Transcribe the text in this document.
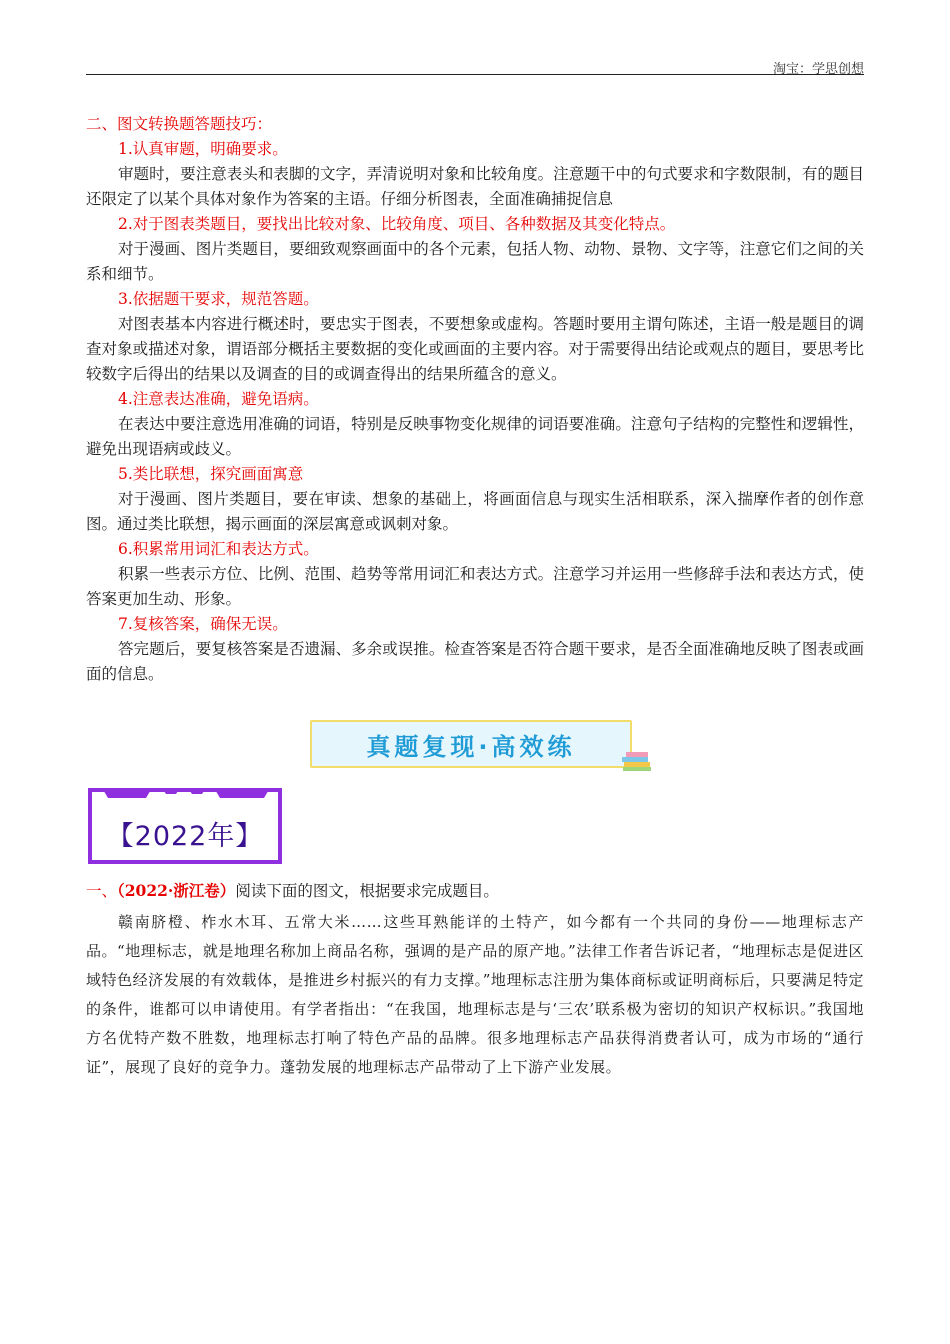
淘宝：学思创想

二、图文转换题答题技巧：

1.认真审题，明确要求。

审题时，要注意表头和表脚的文字，弄清说明对象和比较角度。注意题干中的句式要求和字数限制，有的题目还限定了以某个具体对象作为答案的主语。仔细分析图表，全面准确捕捉信息

2.对于图表类题目，要找出比较对象、比较角度、项目、各种数据及其变化特点。

对于漫画、图片类题目，要细致观察画面中的各个元素，包括人物、动物、景物、文字等，注意它们之间的关系和细节。

3.依据题干要求，规范答题。

对图表基本内容进行概述时，要忠实于图表，不要想象或虚构。答题时要用主谓句陈述，主语一般是题目的调查对象或描述对象，谓语部分概括主要数据的变化或画面的主要内容。对于需要得出结论或观点的题目，要思考比较数字后得出的结果以及调查的目的或调查得出的结果所蕴含的意义。

4.注意表达准确，避免语病。

在表达中要注意选用准确的词语，特别是反映事物变化规律的词语要准确。注意句子结构的完整性和逻辑性，避免出现语病或歧义。

5.类比联想，探究画面寓意

对于漫画、图片类题目，要在审读、想象的基础上，将画面信息与现实生活相联系，深入揣摩作者的创作意图。通过类比联想，揭示画面的深层寓意或讽刺对象。

6.积累常用词汇和表达方式。

积累一些表示方位、比例、范围、趋势等常用词汇和表达方式。注意学习并运用一些修辞手法和表达方式，使答案更加生动、形象。

7.复核答案，确保无误。

答完题后，要复核答案是否遗漏、多余或误推。检查答案是否符合题干要求，是否全面准确地反映了图表或画面的信息。

真题复现·高效练
【2022年】

一、（2022·浙江卷）阅读下面的图文，根据要求完成题目。

赣南脐橙、柞水木耳、五常大米……这些耳熟能详的土特产，如今都有一个共同的身份——地理标志产品。“地理标志，就是地理名称加上商品名称，强调的是产品的原产地。”法律工作者告诉记者，“地理标志是促进区域特色经济发展的有效载体，是推进乡村振兴的有力支撑。”地理标志注册为集体商标或证明商标后，只要满足特定的条件，谁都可以申请使用。有学者指出：“在我国，地理标志是与‘三农’联系极为密切的知识产权标识。”我国地方名优特产数不胜数，地理标志打响了特色产品的品牌。很多地理标志产品获得消费者认可，成为市场的“通行证”，展现了良好的竞争力。蓬勃发展的地理标志产品带动了上下游产业发展。
